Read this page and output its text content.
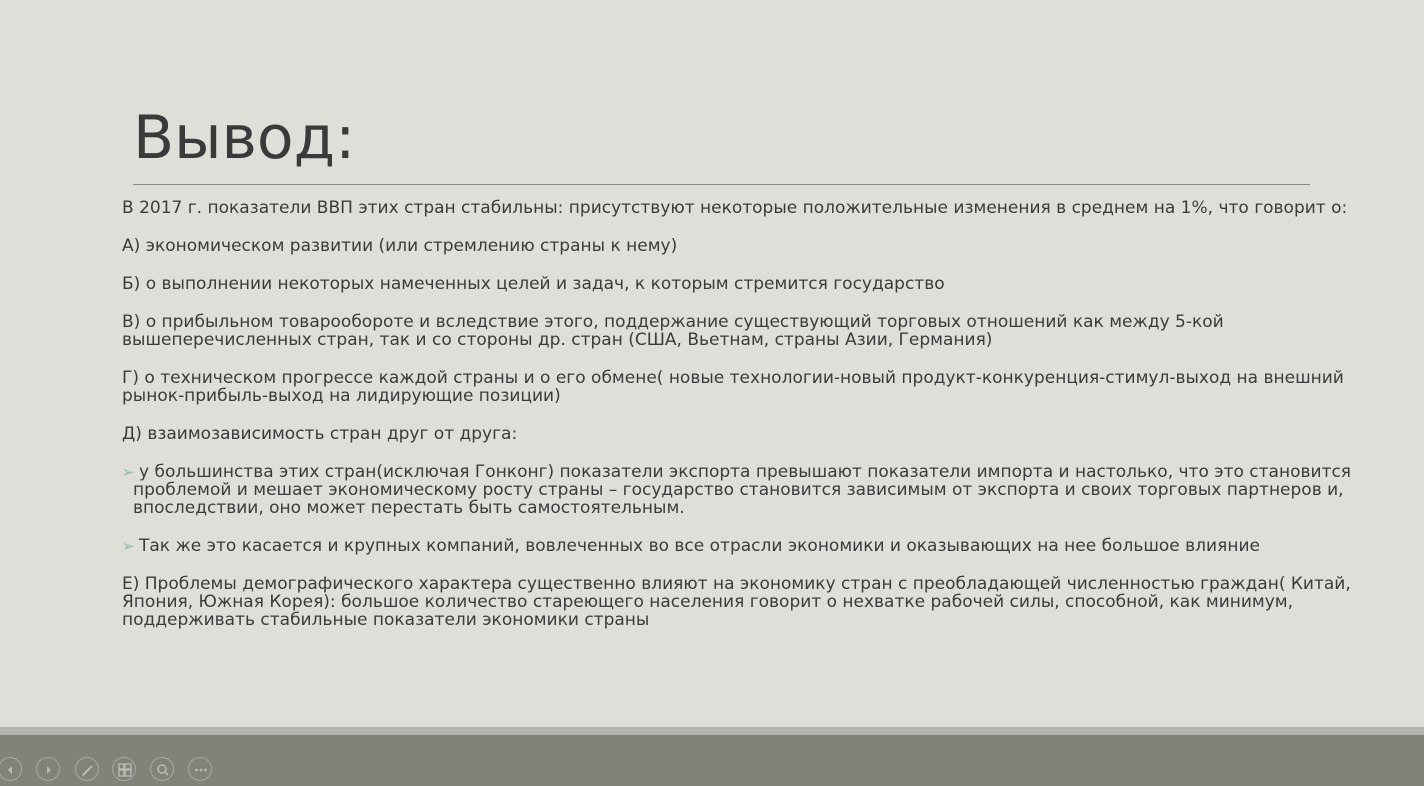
Вывод:

В 2017 г. показатели ВВП этих стран стабильны: присутствуют некоторые положительные изменения в среднем на 1%, что говорит о:

А) экономическом развитии (или стремлению страны к нему)

Б) о выполнении некоторых намеченных целей и задач, к которым стремится государство

В) о прибыльном товарообороте и вследствие этого, поддержание существующий торговых отношений как между 5-кой
вышеперечисленных стран, так и со стороны др. стран (США, Вьетнам, страны Азии, Германия)
Г) о техническом прогрессе каждой страны и о его обмене( новые технологии-новый продукт-конкуренция-стимул-выход на внешний
рынок-прибыль-выход на лидирующие позиции)

Д) взаимозависимость стран друг от друга:

➢ у большинства этих стран(исключая Гонконг) показатели экспорта превышают показатели импорта и настолько, что это становится
проблемой и мешает экономическому росту страны – государство становится зависимым от экспорта и своих торговых партнеров и,
впоследствии, оно может перестать быть самостоятельным.
➢ Так же это касается и крупных компаний, вовлеченных во все отрасли экономики и оказывающих на нее большое влияние
Е) Проблемы демографического характера существенно влияют на экономику стран с преобладающей численностью граждан( Китай,
Япония, Южная Корея): большое количество стареющего населения говорит о нехватке рабочей силы, способной, как минимум,
поддерживать стабильные показатели экономики страны
